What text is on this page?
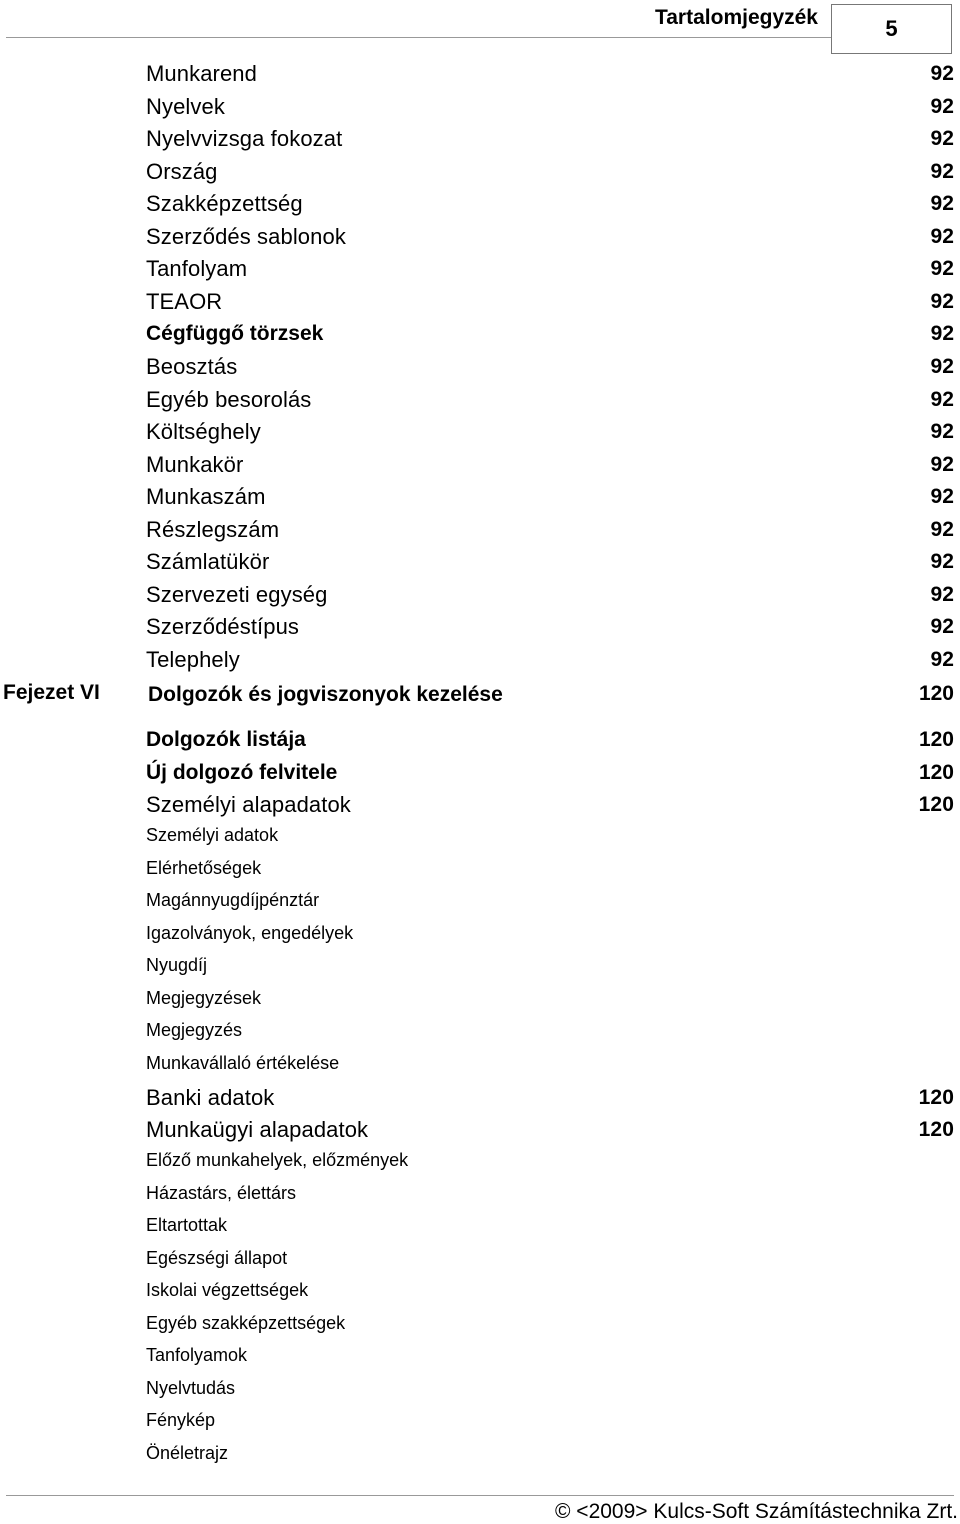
Tartalomjegyzék	5
Munkarend	92
Nyelvek	92
Nyelvvizsga fokozat	92
Ország	92
Szakképzettség	92
Szerződés sablonok	92
Tanfolyam	92
TEAOR	92
Cégfüggő törzsek	92
Beosztás	92
Egyéb besorolás	92
Költséghely	92
Munkakör	92
Munkaszám	92
Részlegszám	92
Számlatükör	92
Szervezeti egység	92
Szerződéstípus	92
Telephely	92
Fejezet VI Dolgozók és jogviszonyok kezelése	120
Dolgozók listája	120
Új dolgozó felvitele	120
Személyi alapadatok	120
Személyi adatok
Elérhetőségek
Magánnyugdíjpénztár
Igazolványok, engedélyek
Nyugdíj
Megjegyzések
Megjegyzés
Munkavállaló értékelése
Banki adatok	120
Munkaügyi alapadatok	120
Előző munkahelyek, előzmények
Házastárs, élettárs
Eltartottak
Egészségi állapot
Iskolai végzettségek
Egyéb szakképzettségek
Tanfolyamok
Nyelvtudás
Fénykép
Önéletrajz
© <2009> Kulcs-Soft Számítástechnika Zrt.
